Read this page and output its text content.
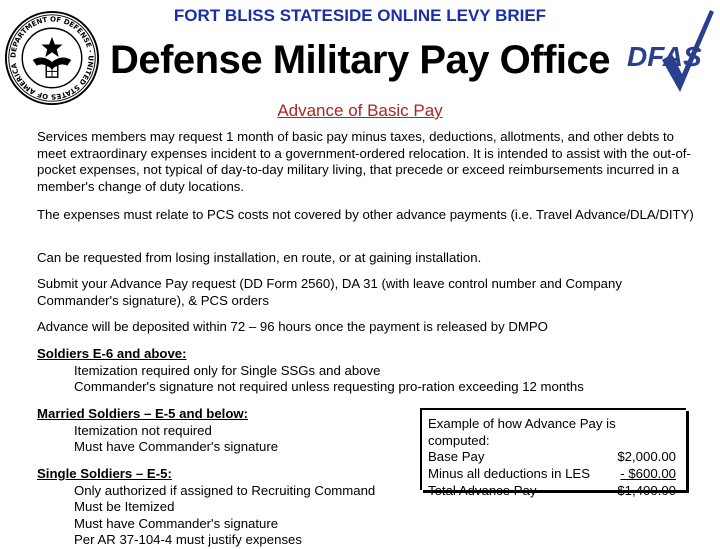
FORT BLISS STATESIDE ONLINE LEVY BRIEF
DEPARTMENT OF DEFENSE · UNITED STATES OF AMERICA	Defense Military Pay Office DFAS
Advance of Basic Pay
Services members may request 1 month of basic pay minus taxes, deductions, allotments, and other debts to meet extraordinary expenses incident to a government-ordered relocation. It is intended to assist with the out-of-pocket expenses, not typical of day-to-day military living, that precede or exceed reimbursements incurred in a member's change of duty locations.
The expenses must relate to PCS costs not covered by other advance payments (i.e. Travel Advance/DLA/DITY)
Can be requested from losing installation, en route, or at gaining installation.
Submit your Advance Pay request (DD Form 2560), DA 31 (with leave control number and Company Commander's signature), & PCS orders
Advance will be deposited within 72 – 96 hours once the payment is released by DMPO
Soldiers E-6 and above:
Itemization required only for Single SSGs and above
Commander's signature not required unless requesting pro-ration exceeding 12 months
Married Soldiers – E-5 and below:
Itemization not required
Must have Commander's signature
Single Soldiers – E-5:
Only authorized if assigned to Recruiting Command
Must be Itemized
Must have Commander's signature
Per AR 37-104-4 must justify expenses
Example of how Advance Pay is computed:
Base Pay	$2,000.00
Minus all deductions in LES - $600.00
Total Advance Pay	$1,400.00
